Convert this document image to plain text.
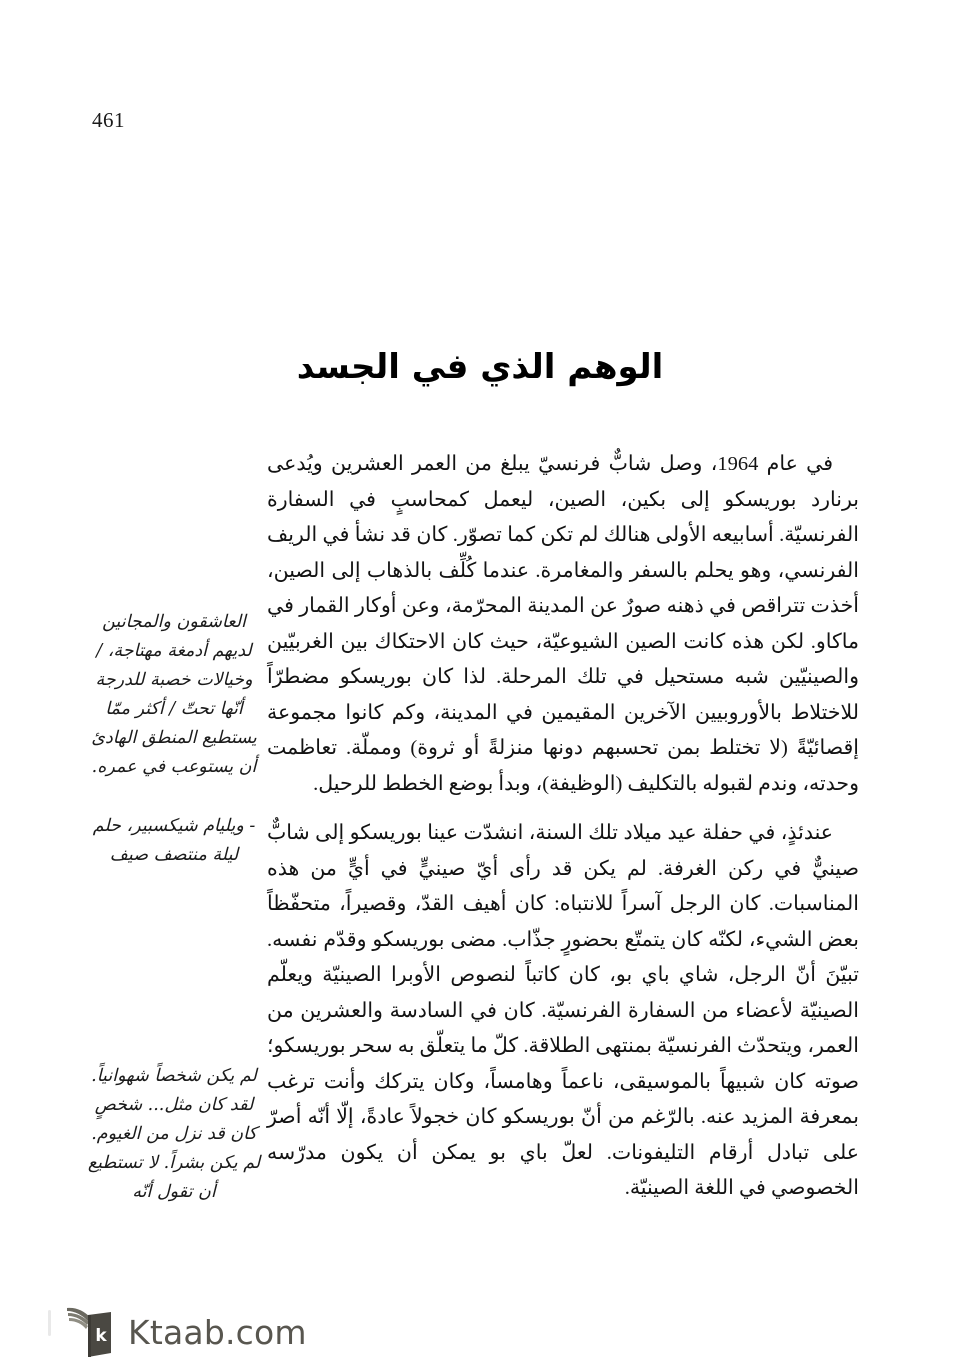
461
الوهم الذي في الجسد

في عام 1964، وصل شابٌّ فرنسيّ يبلغ من العمر العشرين ويُدعى برنارد بوريسكو إلى بكين، الصين، ليعمل كمحاسبٍ في السفارة الفرنسيّة. أسابيعه الأولى هنالك لم تكن كما تصوّر. كان قد نشأ في الريف الفرنسي، وهو يحلم بالسفر والمغامرة. عندما كُلِّف بالذهاب إلى الصين، أخذت تتراقص في ذهنه صورٌ عن المدينة المحرّمة، وعن أوكار القمار في ماكاو. لكن هذه كانت الصين الشيوعيّة، حيث كان الاحتكاك بين الغربيّين والصينيّين شبه مستحيل في تلك المرحلة. لذا كان بوريسكو مضطرّاً للاختلاط بالأوروبيين الآخرين المقيمين في المدينة، وكم كانوا مجموعة إقصائيّةً (لا تختلط بمن تحسبهم دونها منزلةً أو ثروة) ومملّة. تعاظمت وحدته، وندم لقبوله بالتكليف (الوظيفة)، وبدأ بوضع الخطط للرحيل.

عندئذٍ، في حفلة عيد ميلاد تلك السنة، انشدّت عينا بوريسكو إلى شابٌّ صينيٌّ في ركن الغرفة. لم يكن قد رأى أيّ صينيٍّ في أيٍّ من هذه المناسبات. كان الرجل آسراً للانتباه: كان أهيف القدّ، وقصيراً، متحفّظاً بعض الشيء، لكنّه كان يتمتّع بحضورٍ جذّاب. مضى بوريسكو وقدّم نفسه. تبيّنَ أنّ الرجل، شاي باي بو، كان كاتباً لنصوص الأوبرا الصينيّة ويعلّم الصينيّة لأعضاء من السفارة الفرنسيّة. كان في السادسة والعشرين من العمر، ويتحدّث الفرنسيّة بمنتهى الطلاقة. كلّ ما يتعلّق به سحر بوريسكو؛ صوته كان شبيهاً بالموسيقى، ناعماً وهامساً، وكان يتركك وأنت ترغب بمعرفة المزيد عنه. بالرّغم من أنّ بوريسكو كان خجولاً عادةً، إلّا أنّه أصرّ على تبادل أرقام التليفونات. لعلّ باي بو يمكن أن يكون مدرّسه الخصوصي في اللغة الصينيّة.

العاشقون والمجانين لديهم أدمغة مهتاجة، / وخيالات خصبة للدرجة أنّها تحتّ / أكثر ممّا يستطيع المنطق الهادئ أن يستوعب في عمره.
- ويليام شيكسبير، حلم ليلة منتصف صيف
لم يكن شخصاً شهوانياً. لقد كان مثل... شخصٍ كان قد نزل من الغيوم. لم يكن بشراً. لا تستطيع أن تقول أنّه
k Ktaab.com
